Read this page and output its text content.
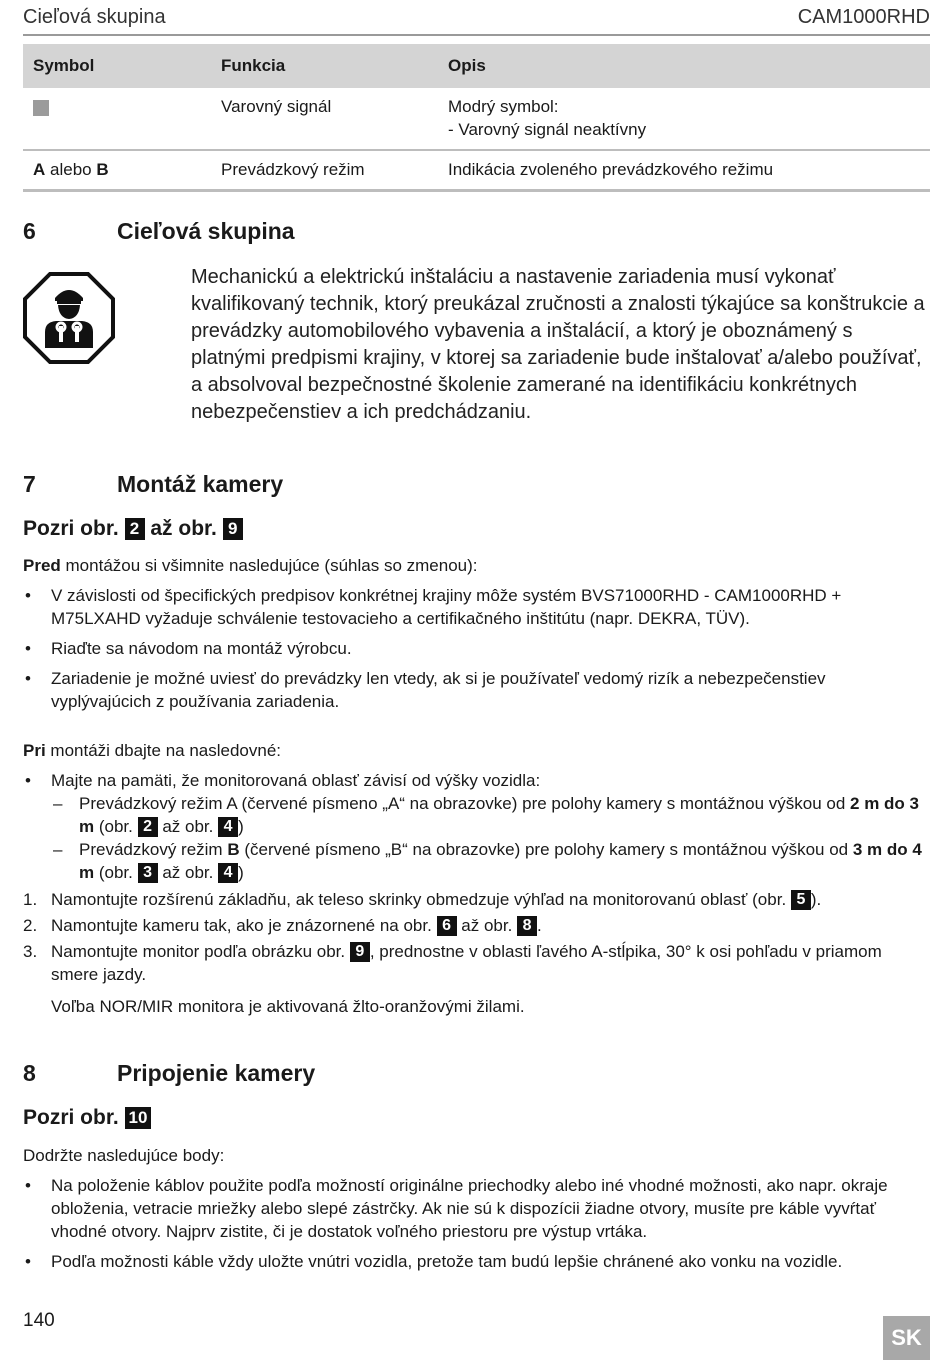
Cieľová skupina	CAM1000RHD
Symbol	Funkcia	Opis
	Varovný signál	Modrý symbol:
- Varovný signál neaktívny

A alebo B	Prevádzkový režim	Indikácia zvoleného prevádzkového režimu
6	Cieľová skupina
Mechanickú a elektrickú inštaláciu a nastavenie zariadenia musí vykonať kvalifikovaný technik, ktorý preukázal zručnosti a znalosti týkajúce sa konštrukcie a prevádzky automobilového vybavenia a inštalácií, a ktorý je oboznámený s platnými predpismi krajiny, v ktorej sa zariadenie bude inštalovať a/alebo používať, a absolvoval bezpečnostné školenie zamerané na identifikáciu konkrétnych nebezpečenstiev a ich predchádzaniu.
7	Montáž kamery
Pozri obr. 2 až obr. 9
Pred montážou si všimnite nasledujúce (súhlas so zmenou):
• V závislosti od špecifických predpisov konkrétnej krajiny môže systém BVS71000RHD - CAM1000RHD + M75LXAHD vyžaduje schválenie testovacieho a certifikačného inštitútu (napr. DEKRA, TÜV).
• Riaďte sa návodom na montáž výrobcu.
• Zariadenie je možné uviesť do prevádzky len vtedy, ak si je používateľ vedomý rizík a nebezpečenstiev vyplývajúcich z používania zariadenia.
Pri montáži dbajte na nasledovné:
• Majte na pamäti, že monitorovaná oblasť závisí od výšky vozidla:
– Prevádzkový režim A (červené písmeno „A“ na obrazovke) pre polohy kamery s montážnou výškou od 2 m do 3 m (obr. 2 až obr. 4 )
– Prevádzkový režim B (červené písmeno „B“ na obrazovke) pre polohy kamery s montážnou výškou od 3 m do 4 m (obr. 3 až obr. 4 )
1. Namontujte rozšírenú základňu, ak teleso skrinky obmedzuje výhľad na monitorovanú oblasť (obr. 5 ).
2. Namontujte kameru tak, ako je znázornené na obr. 6 až obr. 8 .
3. Namontujte monitor podľa obrázku obr. 9 , prednostne v oblasti ľavého A-stĺpika, 30° k osi pohľadu v priamom smere jazdy.
Voľba NOR/MIR monitora je aktivovaná žlto-oranžovými žilami.
8	Pripojenie kamery
Pozri obr. 10
Dodržte nasledujúce body:
• Na položenie káblov použite podľa možností originálne priechodky alebo iné vhodné možnosti, ako napr. okraje obloženia, vetracie mriežky alebo slepé zástrčky. Ak nie sú k dispozícii žiadne otvory, musíte pre káble vyvŕtať vhodné otvory. Najprv zistite, či je dostatok voľného priestoru pre výstup vrtáka.
• Podľa možnosti káble vždy uložte vnútri vozidla, pretože tam budú lepšie chránené ako vonku na vozidle.
140
SK
